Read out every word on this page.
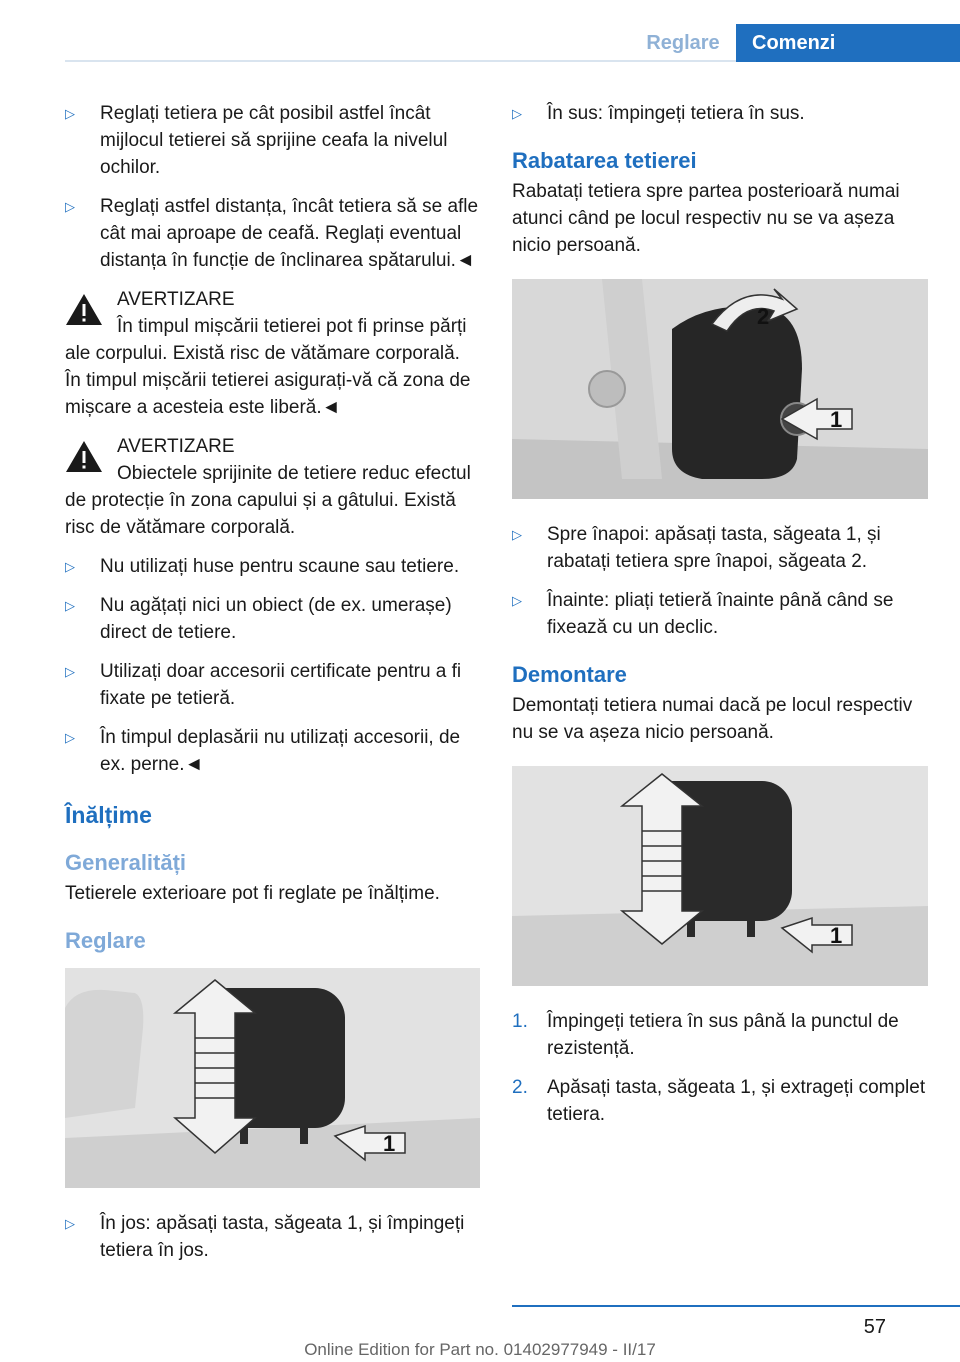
Reglare	Comenzi
▷ Reglați tetiera pe cât posibil astfel încât mijlocul tetierei să sprijine ceafa la nivelul ochilor.
▷ Reglați astfel distanța, încât tetiera să se afle cât mai aproape de ceafă. Reglați eventual distanța în funcție de înclinarea spătarului.◄
AVERTIZARE
În timpul mișcării tetierei pot fi prinse părți ale corpului. Există risc de vătămare corporală. În timpul mișcării tetierei asigurați-vă că zona de mișcare a acesteia este liberă.◄
AVERTIZARE
Obiectele sprijinite de tetiere reduc efectul de protecție în zona capului și a gâtului. Există risc de vătămare corporală.
▷ Nu utilizați huse pentru scaune sau tetiere.
▷ Nu agățați nici un obiect (de ex. umerașe) direct de tetiere.
▷ Utilizați doar accesorii certificate pentru a fi fixate pe tetieră.
▷ În timpul deplasării nu utilizați accesorii, de ex. perne.◄
Înălțime
Generalități
Tetierele exterioare pot fi reglate pe înălțime.
Reglare
1
▷ În jos: apăsați tasta, săgeata 1, și împingeți tetiera în jos.
▷ În sus: împingeți tetiera în sus.
Rabatarea tetierei
Rabatați tetiera spre partea posterioară numai atunci când pe locul respectiv nu se va așeza nicio persoană.
2
1
▷ Spre înapoi: apăsați tasta, săgeata 1, și rabatați tetiera spre înapoi, săgeata 2.
▷ Înainte: pliați tetieră înainte până când se fixează cu un declic.
Demontare
Demontați tetiera numai dacă pe locul respectiv nu se va așeza nicio persoană.
1
1. Împingeți tetiera în sus până la punctul de rezistență.
2. Apăsați tasta, săgeata 1, și extrageți complet tetiera.
57
Online Edition for Part no. 01402977949 - II/17
